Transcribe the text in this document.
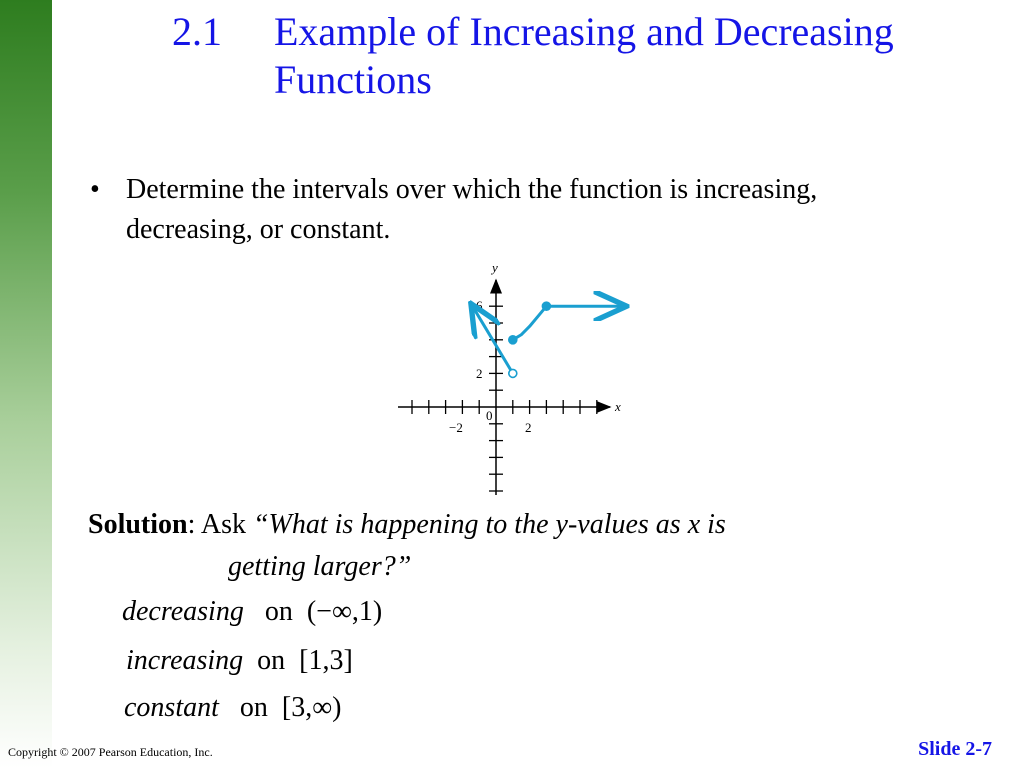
2.1 Example of Increasing and Decreasing Functions
• Determine the intervals over which the function is increasing, decreasing, or constant.
x
y
−2
0
2
6
2
Solution: Ask “What is happening to the y-values as x is
getting larger?”
decreasing on (−∞,1)
increasing on [1,3]
constant on [3,∞)
Copyright © 2007 Pearson Education, Inc.	Slide 2-7
